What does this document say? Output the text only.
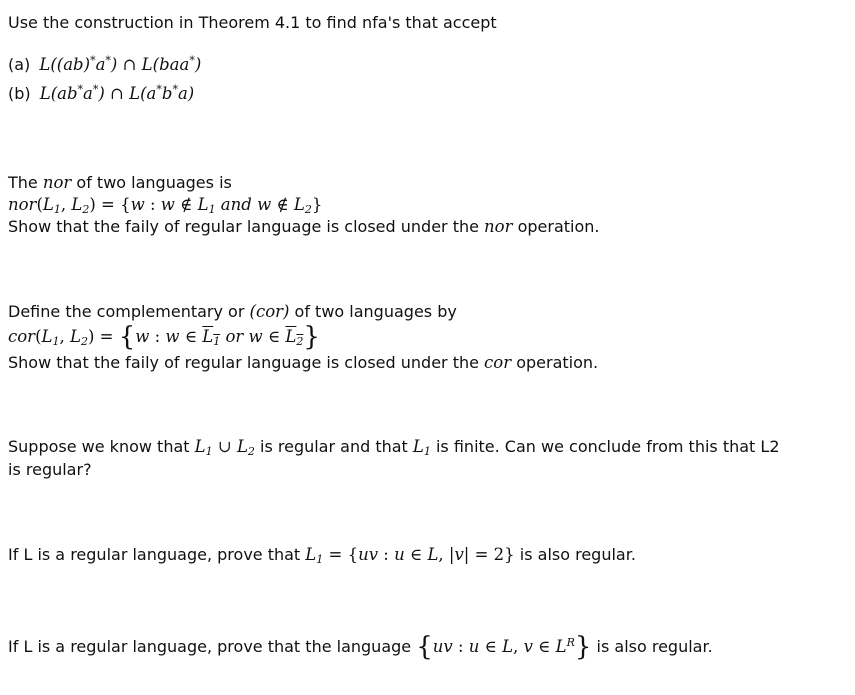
Use the construction in Theorem 4.1 to find nfa's that accept
(a) L((ab)*a*) ∩ L(baa*)
(b) L(ab*a*) ∩ L(a*b*a)
The nor of two languages is
$nor(L_1$, $L_2) = \{w$ : w ∉ $L_1$ and w ∉ $L_2$}
Show that the faily of regular language is closed under the nor operation.
Define the complementary or (cor) of two languages by
$cor(L_1$, $L_2) = \{w$ : w ∈ $L_1$ or w ∈ $L_2$}
Show that the faily of regular language is closed under the cor operation.
Suppose we know that $L_1$ ∪ $L_2$ is regular and that $L_1$ is finite. Can we conclude from this that L2
is regular?
If L is a regular language, prove that $L_1 = \{uv$ : u ∈ L, |v| = 2} is also regular.
If L is a regular language, prove that the language {uv : u ∈ L, v ∈ $L^R$} is also regular.
